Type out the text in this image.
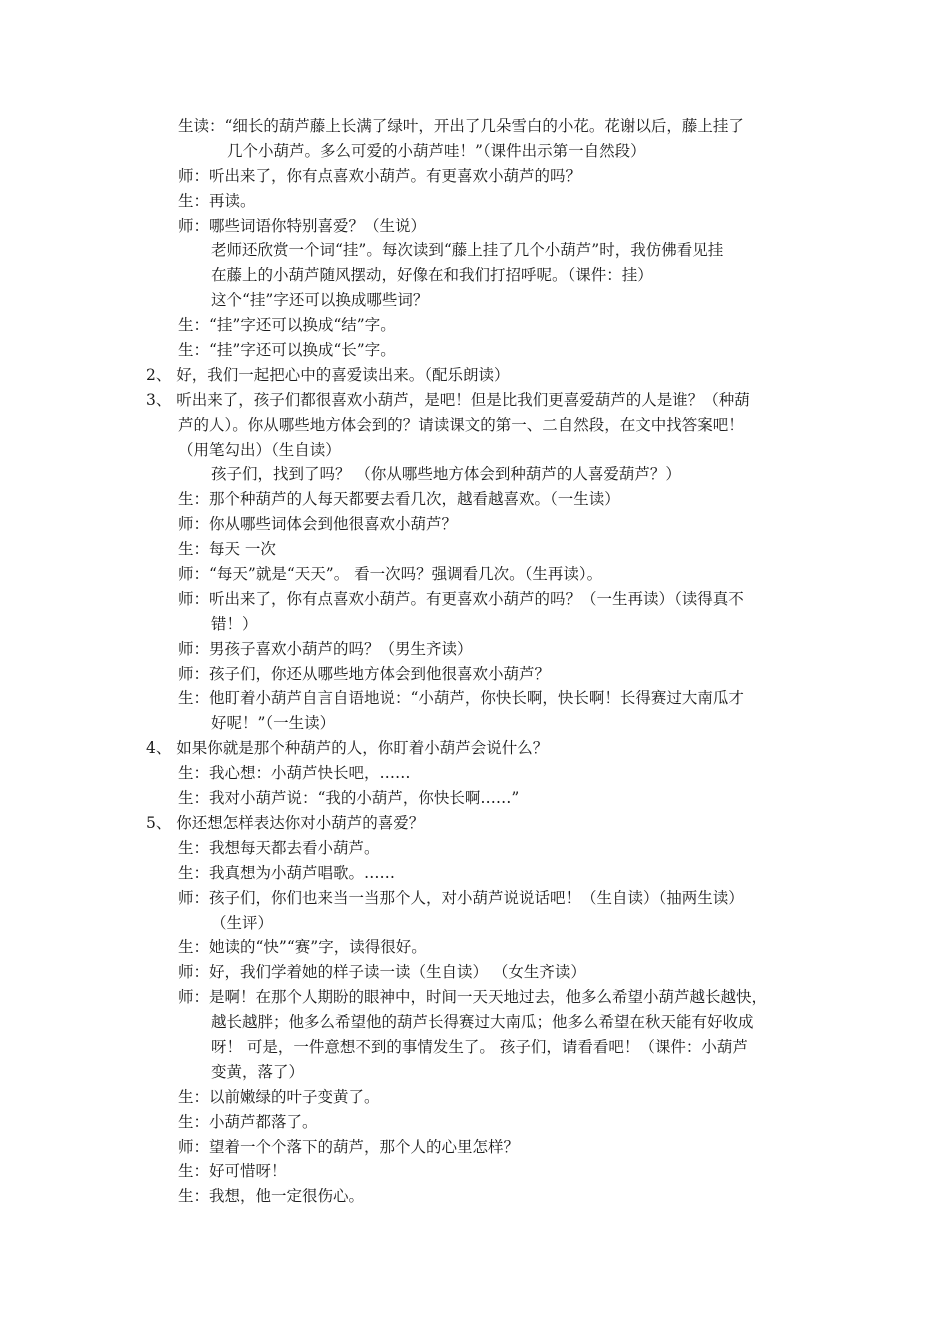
生读：“细长的葫芦藤上长满了绿叶，开出了几朵雪白的小花。花谢以后，藤上挂了
几个小葫芦。多么可爱的小葫芦哇！”（课件出示第一自然段）
师：听出来了，你有点喜欢小葫芦。有更喜欢小葫芦的吗？
生：再读。
师：哪些词语你特别喜爱？（生说）
老师还欣赏一个词“挂”。每次读到“藤上挂了几个小葫芦”时，我仿佛看见挂
在藤上的小葫芦随风摆动，好像在和我们打招呼呢。（课件：挂）
这个“挂”字还可以换成哪些词？
生：“挂”字还可以换成“结”字。
生：“挂”字还可以换成“长”字。
2、 好，我们一起把心中的喜爱读出来。（配乐朗读）
3、 听出来了，孩子们都很喜欢小葫芦，是吧！但是比我们更喜爱葫芦的人是谁？（种葫
芦的人）。你从哪些地方体会到的？请读课文的第一、二自然段，在文中找答案吧！
（用笔勾出）（生自读）
孩子们，找到了吗？ （你从哪些地方体会到种葫芦的人喜爱葫芦？）
生：那个种葫芦的人每天都要去看几次，越看越喜欢。（一生读）
师：你从哪些词体会到他很喜欢小葫芦？
生：每天 一次
师：“每天”就是“天天”。 看一次吗？强调看几次。（生再读）。
师：听出来了，你有点喜欢小葫芦。有更喜欢小葫芦的吗？（一生再读）（读得真不
错！）
师：男孩子喜欢小葫芦的吗？（男生齐读）
师：孩子们，你还从哪些地方体会到他很喜欢小葫芦？
生：他盯着小葫芦自言自语地说：“小葫芦，你快长啊，快长啊！长得赛过大南瓜才
好呢！”（一生读）
4、 如果你就是那个种葫芦的人，你盯着小葫芦会说什么？
生：我心想：小葫芦快长吧，……
生：我对小葫芦说：“我的小葫芦，你快长啊……”
5、 你还想怎样表达你对小葫芦的喜爱？
生：我想每天都去看小葫芦。
生：我真想为小葫芦唱歌。……
师：孩子们，你们也来当一当那个人，对小葫芦说说话吧！（生自读）（抽两生读）
（生评）
生：她读的“快”“赛”字，读得很好。
师：好，我们学着她的样子读一读（生自读） （女生齐读）
师：是啊！在那个人期盼的眼神中，时间一天天地过去，他多么希望小葫芦越长越快，
越长越胖；他多么希望他的葫芦长得赛过大南瓜；他多么希望在秋天能有好收成
呀！ 可是，一件意想不到的事情发生了。 孩子们，请看看吧！（课件：小葫芦
变黄，落了）
生：以前嫩绿的叶子变黄了。
生：小葫芦都落了。
师：望着一个个落下的葫芦，那个人的心里怎样？
生：好可惜呀！
生：我想，他一定很伤心。
